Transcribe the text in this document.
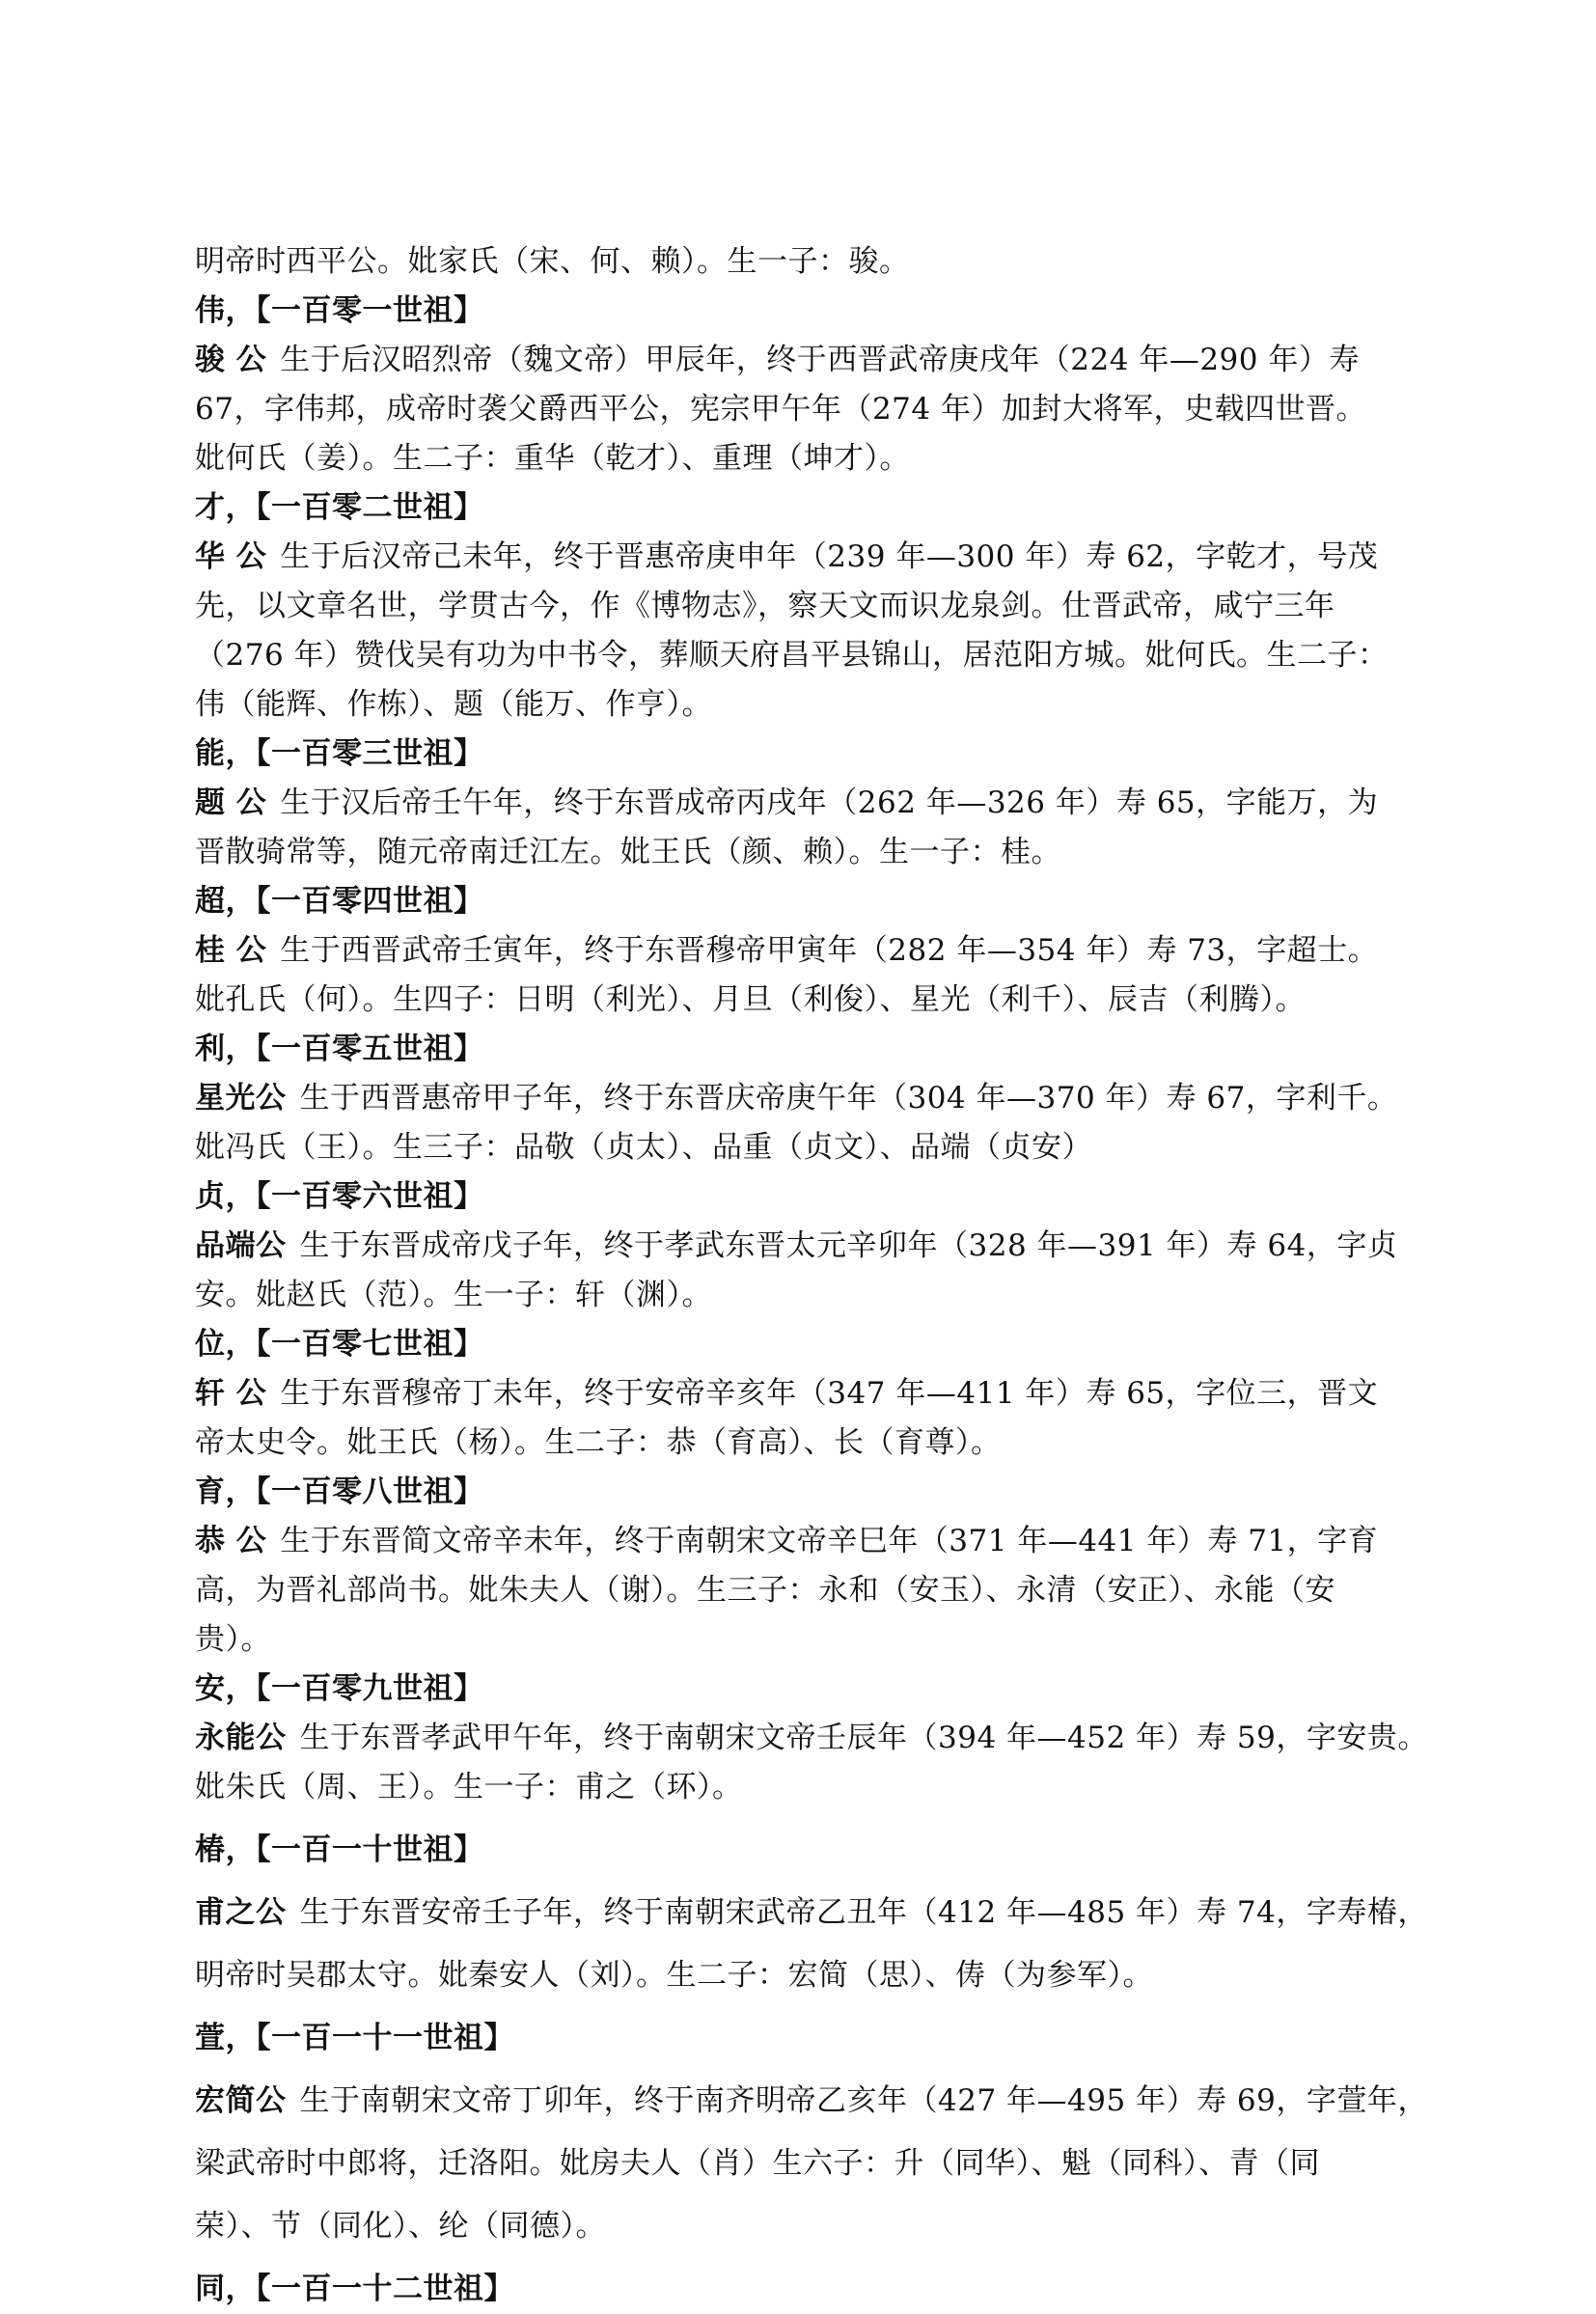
明帝时西平公。妣家氏（宋、何、赖）。生一子：骏。
伟，【一百零一世祖】
骏 公 生于后汉昭烈帝（魏文帝）甲辰年，终于西晋武帝庚戌年（224 年—290 年）寿
67，字伟邦，成帝时袭父爵西平公，宪宗甲午年（274 年）加封大将军，史载四世晋。
妣何氏（姜）。生二子：重华（乾才）、重理（坤才）。
才，【一百零二世祖】
华 公 生于后汉帝己未年，终于晋惠帝庚申年（239 年—300 年）寿 62，字乾才，号茂
先，以文章名世，学贯古今，作《博物志》，察天文而识龙泉剑。仕晋武帝，咸宁三年
（276 年）赞伐吴有功为中书令，葬顺天府昌平县锦山，居范阳方城。妣何氏。生二子：
伟（能辉、作栋）、题（能万、作亨）。
能，【一百零三世祖】
题 公 生于汉后帝壬午年，终于东晋成帝丙戌年（262 年—326 年）寿 65，字能万，为
晋散骑常等，随元帝南迁江左。妣王氏（颜、赖）。生一子：桂。
超，【一百零四世祖】
桂 公 生于西晋武帝壬寅年，终于东晋穆帝甲寅年（282 年—354 年）寿 73，字超士。
妣孔氏（何）。生四子：日明（利光）、月旦（利俊）、星光（利千）、辰吉（利腾）。
利，【一百零五世祖】
星光公 生于西晋惠帝甲子年，终于东晋庆帝庚午年（304 年—370 年）寿 67，字利千。
妣冯氏（王）。生三子：品敬（贞太）、品重（贞文）、品端（贞安）
贞，【一百零六世祖】
品端公 生于东晋成帝戊子年，终于孝武东晋太元辛卯年（328 年—391 年）寿 64，字贞
安。妣赵氏（范）。生一子：轩（渊）。
位，【一百零七世祖】
轩 公 生于东晋穆帝丁未年，终于安帝辛亥年（347 年—411 年）寿 65，字位三，晋文
帝太史令。妣王氏（杨）。生二子：恭（育高）、长（育尊）。
育，【一百零八世祖】
恭 公 生于东晋简文帝辛未年，终于南朝宋文帝辛巳年（371 年—441 年）寿 71，字育
高，为晋礼部尚书。妣朱夫人（谢）。生三子：永和（安玉）、永清（安正）、永能（安
贵）。
安，【一百零九世祖】
永能公 生于东晋孝武甲午年，终于南朝宋文帝壬辰年（394 年—452 年）寿 59，字安贵。
妣朱氏（周、王）。生一子：甫之（环）。
椿，【一百一十世祖】
甫之公 生于东晋安帝壬子年，终于南朝宋武帝乙丑年（412 年—485 年）寿 74，字寿椿，
明帝时吴郡太守。妣秦安人（刘）。生二子：宏简（思）、俦（为参军）。
萱，【一百一十一世祖】
宏简公 生于南朝宋文帝丁卯年，终于南齐明帝乙亥年（427 年—495 年）寿 69，字萱年，
梁武帝时中郎将，迁洛阳。妣房夫人（肖）生六子：升（同华）、魁（同科）、青（同
荣）、节（同化）、纶（同德）。
同，【一百一十二世祖】
